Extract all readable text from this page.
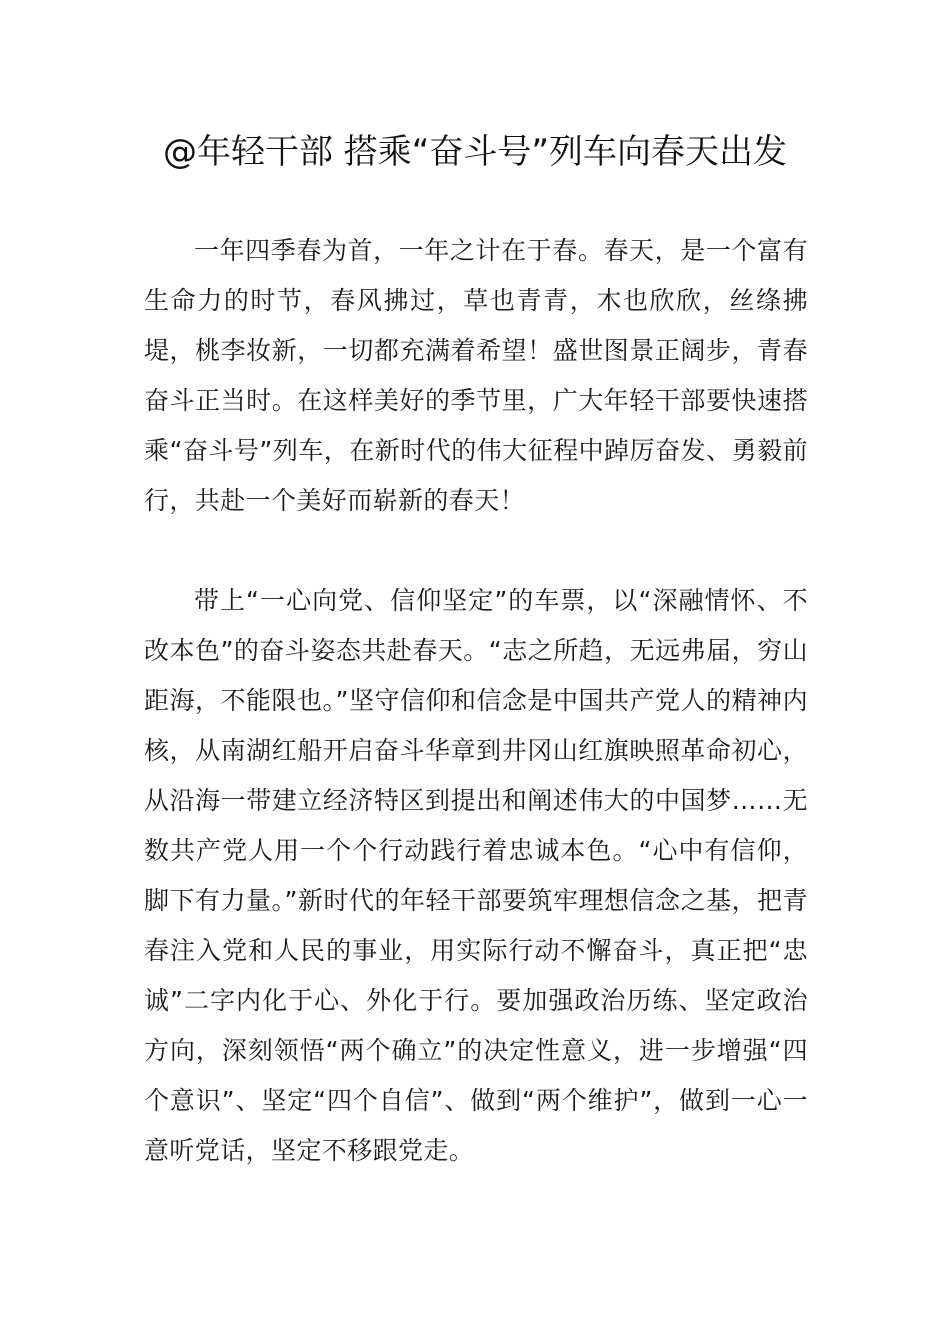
@年轻干部 搭乘“奋斗号”列车向春天出发

一年四季春为首，一年之计在于春。春天，是一个富有生命力的时节，春风拂过，草也青青，木也欣欣，丝绦拂堤，桃李妆新，一切都充满着希望！盛世图景正阔步，青春奋斗正当时。在这样美好的季节里，广大年轻干部要快速搭乘“奋斗号”列车，在新时代的伟大征程中踔厉奋发、勇毅前行，共赴一个美好而崭新的春天！

带上“一心向党、信仰坚定”的车票，以“深融情怀、不改本色”的奋斗姿态共赴春天。“志之所趋，无远弗届，穷山距海，不能限也。”坚守信仰和信念是中国共产党人的精神内核，从南湖红船开启奋斗华章到井冈山红旗映照革命初心，从沿海一带建立经济特区到提出和阐述伟大的中国梦……无数共产党人用一个个行动践行着忠诚本色。“心中有信仰，脚下有力量。”新时代的年轻干部要筑牢理想信念之基，把青春注入党和人民的事业，用实际行动不懈奋斗，真正把“忠诚”二字内化于心、外化于行。要加强政治历练、坚定政治方向，深刻领悟“两个确立”的决定性意义，进一步增强“四个意识”、坚定“四个自信”、做到“两个维护”，做到一心一意听党话，坚定不移跟党走。
